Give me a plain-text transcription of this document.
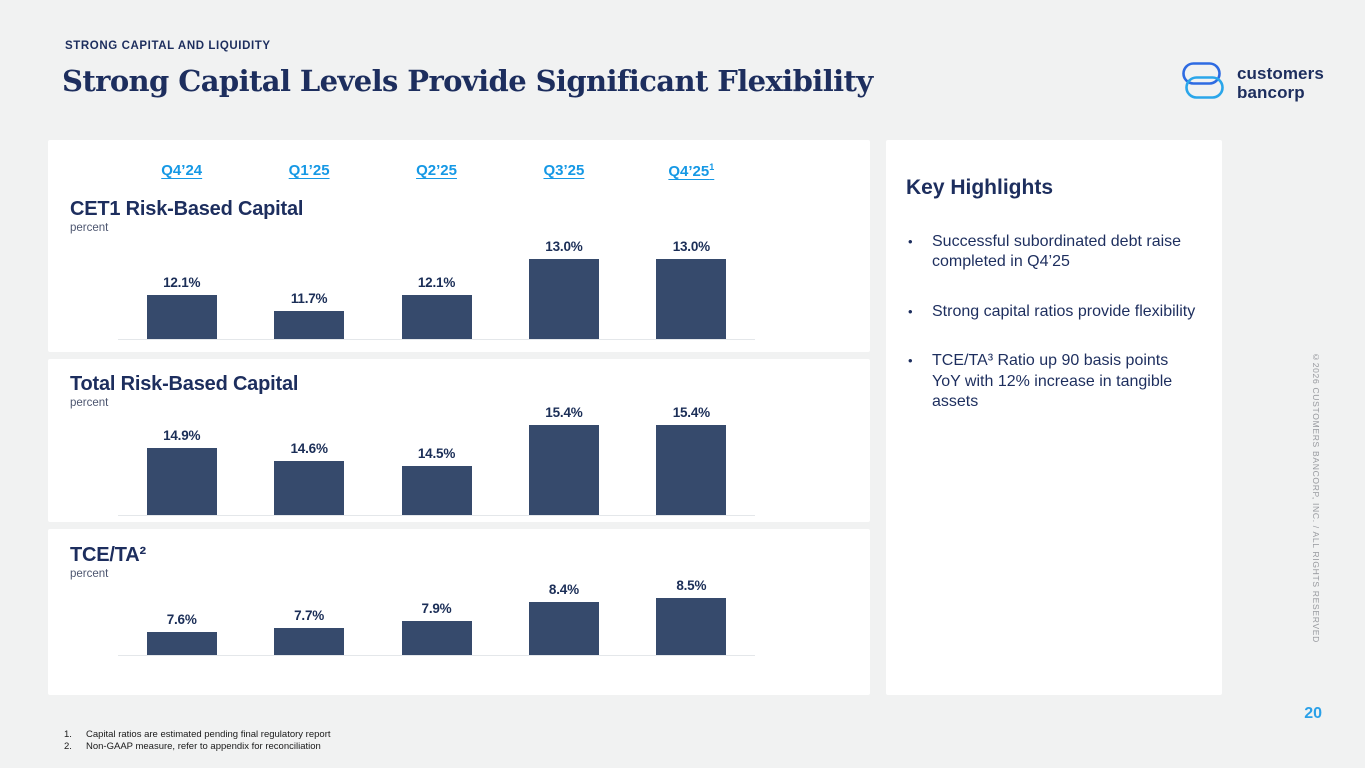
STRONG CAPITAL AND LIQUIDITY
Strong Capital Levels Provide Significant Flexibility	customers
bancorp
Q4’24	Q1’25	Q2’25	Q3’25	$Q4’25^1$
CET1 Risk-Based Capital
percent
12.1%
11.7%
12.1%
13.0%	13.0%
Total Risk-Based Capital
percent
14.9%
14.6%	14.5%
15.4%	15.4%
TCE/TA²
percent
7.6%	7.7%
7.9%
8.4%	8.5%
Key Highlights
•	Successful subordinated debt raise completed in Q4’25
•	Strong capital ratios provide flexibility
•	TCE/TA³ Ratio up 90 basis points YoY with 12% increase in tangible assets
1.	Capital ratios are estimated pending final regulatory report
2.	Non-GAAP measure, refer to appendix for reconciliation
©2026 CUSTOMERS BANCORP, INC. / ALL RIGHTS RESERVED
20
